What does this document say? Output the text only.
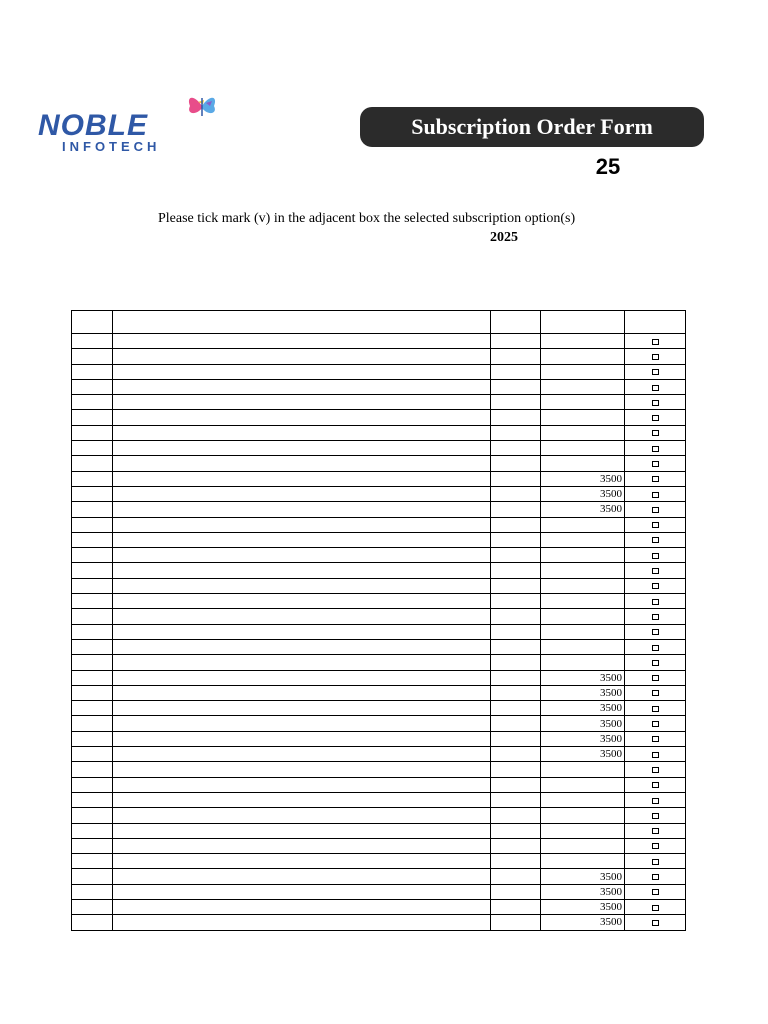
NOBLE
INFOTECH
Subscription Order Form
25
Please tick mark (v) in the adjacent box the selected subscription option(s)
2025

			3500	
			3500	
			3500	

			3500	
			3500	
			3500	
			3500	
			3500	
			3500	

			3500	
			3500	
			3500	
			3500	
